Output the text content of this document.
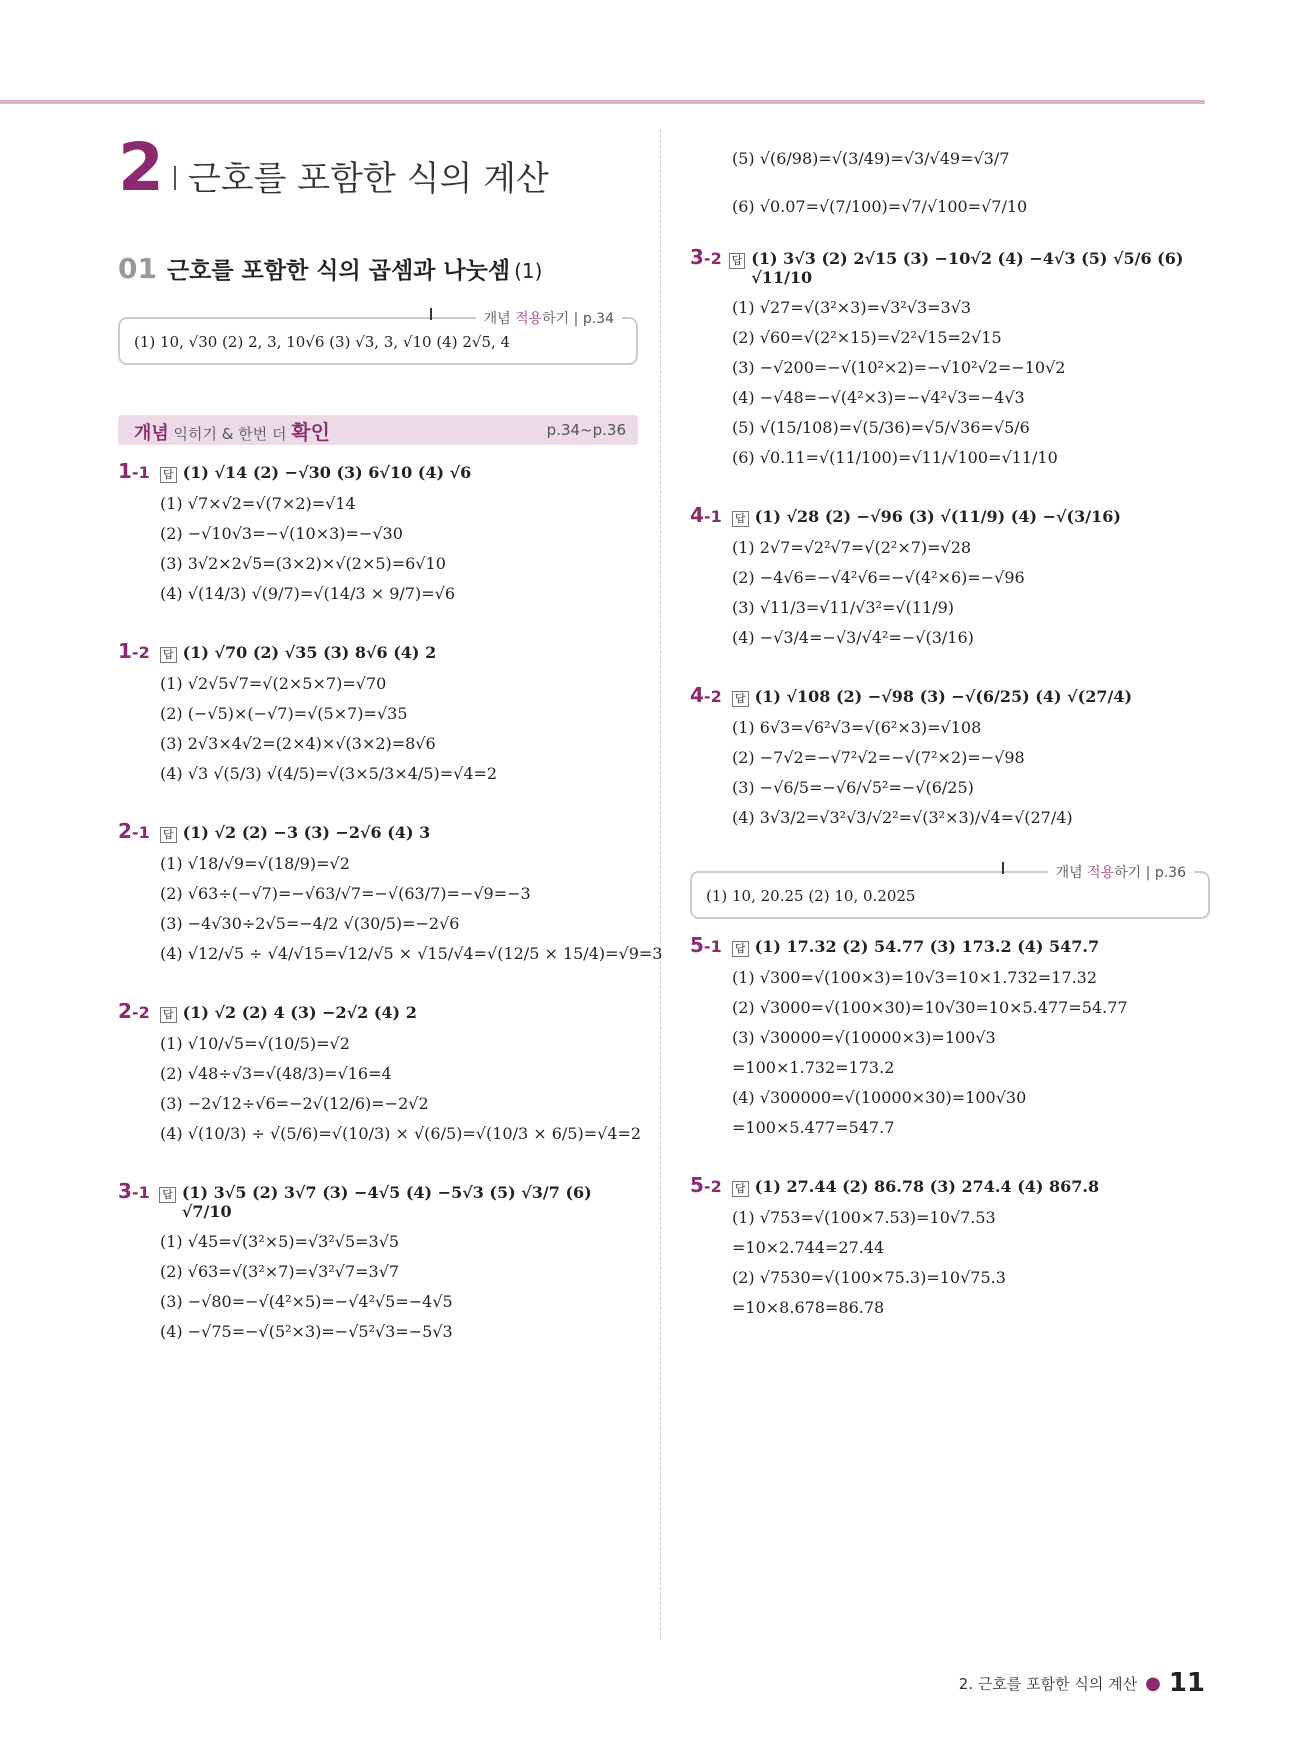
2 근호를 포함한 식의 계산
01 근호를 포함한 식의 곱셈과 나눗셈 (1)
개념 적용하기 | p.34
(1) 10, √30 (2) 2, 3, 10√6 (3) √3, 3, √10 (4) 2√5, 4
개념 익히기 & 한번 더 확인	p.34~p.36
1-1	답 (1) √14 (2) −√30 (3) 6√10 (4) √6
(1) √7×√2=√(7×2)=√14
(2) −√10√3=−√(10×3)=−√30
(3) 3√2×2√5=(3×2)×√(2×5)=6√10
(4) √(14/3) √(9/7)=√(14/3 × 9/7)=√6
1-2	답 (1) √70 (2) √35 (3) 8√6 (4) 2
(1) √2√5√7=√(2×5×7)=√70
(2) (−√5)×(−√7)=√(5×7)=√35
(3) 2√3×4√2=(2×4)×√(3×2)=8√6
(4) √3 √(5/3) √(4/5)=√(3×5/3×4/5)=√4=2
2-1	답 (1) √2 (2) −3 (3) −2√6 (4) 3
(1) √18/√9=√(18/9)=√2
(2) √63÷(−√7)=−√63/√7=−√(63/7)=−√9=−3
(3) −4√30÷2√5=−4/2 √(30/5)=−2√6
(4) √12/√5 ÷ √4/√15=√12/√5 × √15/√4=√(12/5 × 15/4)=√9=3
2-2	답 (1) √2 (2) 4 (3) −2√2 (4) 2
(1) √10/√5=√(10/5)=√2
(2) √48÷√3=√(48/3)=√16=4
(3) −2√12÷√6=−2√(12/6)=−2√2
(4) √(10/3) ÷ √(5/6)=√(10/3) × √(6/5)=√(10/3 × 6/5)=√4=2
3-1	답 (1) 3√5 (2) 3√7 (3) −4√5 (4) −5√3 (5) √3/7 (6) √7/10
(1) √45=√(3²×5)=√3²√5=3√5
(2) √63=√(3²×7)=√3²√7=3√7
(3) −√80=−√(4²×5)=−√4²√5=−4√5
(4) −√75=−√(5²×3)=−√5²√3=−5√3
(5) √(6/98)=√(3/49)=√3/√49=√3/7
(6) √0.07=√(7/100)=√7/√100=√7/10
3-2 답 (1) 3√3 (2) 2√15 (3) −10√2 (4) −4√3 (5) √5/6 (6) √11/10
(1) √27=√(3²×3)=√3²√3=3√3
(2) √60=√(2²×15)=√2²√15=2√15
(3) −√200=−√(10²×2)=−√10²√2=−10√2
(4) −√48=−√(4²×3)=−√4²√3=−4√3
(5) √(15/108)=√(5/36)=√5/√36=√5/6
(6) √0.11=√(11/100)=√11/√100=√11/10
4-1	답 (1) √28 (2) −√96 (3) √(11/9) (4) −√(3/16)
(1) 2√7=√2²√7=√(2²×7)=√28
(2) −4√6=−√4²√6=−√(4²×6)=−√96
(3) √11/3=√11/√3²=√(11/9)
(4) −√3/4=−√3/√4²=−√(3/16)
4-2	답 (1) √108 (2) −√98 (3) −√(6/25) (4) √(27/4)
(1) 6√3=√6²√3=√(6²×3)=√108
(2) −7√2=−√7²√2=−√(7²×2)=−√98
(3) −√6/5=−√6/√5²=−√(6/25)
(4) 3√3/2=√3²√3/√2²=√(3²×3)/√4=√(27/4)
개념 적용하기 | p.36
(1) 10, 20.25 (2) 10, 0.2025
5-1	답 (1) 17.32 (2) 54.77 (3) 173.2 (4) 547.7
(1) √300=√(100×3)=10√3=10×1.732=17.32
(2) √3000=√(100×30)=10√30=10×5.477=54.77
(3) √30000=√(10000×3)=100√3
=100×1.732=173.2
(4) √300000=√(10000×30)=100√30
=100×5.477=547.7
5-2	답 (1) 27.44 (2) 86.78 (3) 274.4 (4) 867.8
(1) √753=√(100×7.53)=10√7.53
=10×2.744=27.44
(2) √7530=√(100×75.3)=10√75.3
=10×8.678=86.78
2. 근호를 포함한 식의 계산 ● 11
